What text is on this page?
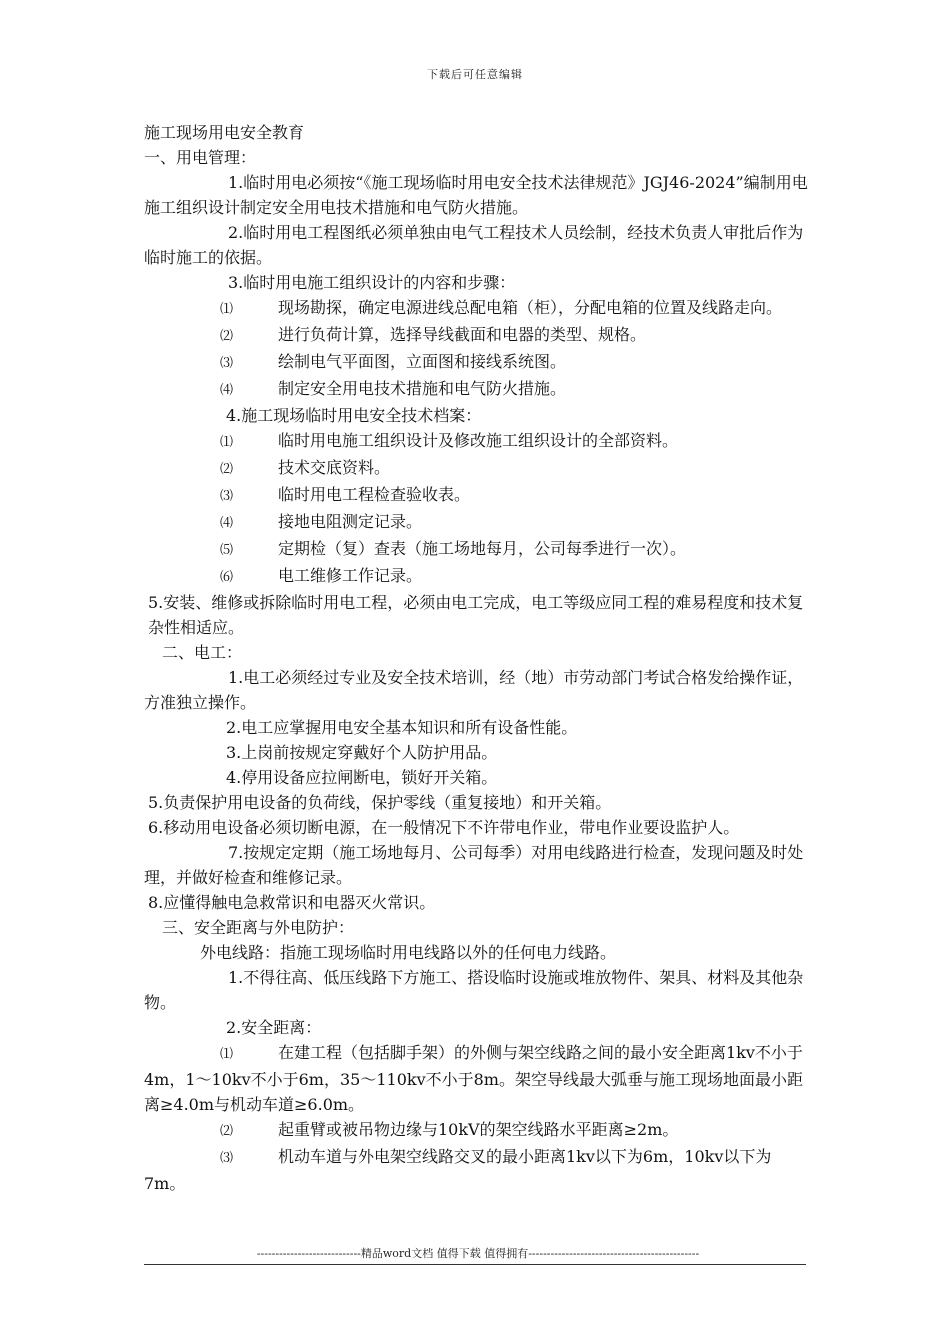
下载后可任意编辑

施工现场用电安全教育

一、用电管理：

1.临时用电必须按“《施工现场临时用电安全技术法律规范》JGJ46-2024”编制用电施工组织设计制定安全用电技术措施和电气防火措施。

2.临时用电工程图纸必须单独由电气工程技术人员绘制，经技术负责人审批后作为临时施工的依据。

3.临时用电施工组织设计的内容和步骤：

⑴	现场勘探，确定电源进线总配电箱（柜），分配电箱的位置及线路走向。

⑵	进行负荷计算，选择导线截面和电器的类型、规格。

⑶	绘制电气平面图，立面图和接线系统图。

⑷	制定安全用电技术措施和电气防火措施。

4.施工现场临时用电安全技术档案：

⑴	临时用电施工组织设计及修改施工组织设计的全部资料。

⑵	技术交底资料。

⑶	临时用电工程检查验收表。

⑷	接地电阻测定记录。

⑸	定期检（复）查表（施工场地每月，公司每季进行一次）。

⑹	电工维修工作记录。

5.安装、维修或拆除临时用电工程，必须由电工完成，电工等级应同工程的难易程度和技术复杂性相适应。

二、电工：

1.电工必须经过专业及安全技术培训，经（地）市劳动部门考试合格发给操作证，方准独立操作。

2.电工应掌握用电安全基本知识和所有设备性能。

3.上岗前按规定穿戴好个人防护用品。

4.停用设备应拉闸断电，锁好开关箱。

5.负责保护用电设备的负荷线，保护零线（重复接地）和开关箱。

6.移动用电设备必须切断电源，在一般情况下不许带电作业，带电作业要设监护人。

7.按规定定期（施工场地每月、公司每季）对用电线路进行检查，发现问题及时处理，并做好检查和维修记录。

8.应懂得触电急救常识和电器灭火常识。

三、安全距离与外电防护：

外电线路：指施工现场临时用电线路以外的任何电力线路。

1.不得往高、低压线路下方施工、搭设临时设施或堆放物件、架具、材料及其他杂物。

2.安全距离：

⑴	在建工程（包括脚手架）的外侧与架空线路之间的最小安全距离1kv不小于4m，1～10kv不小于6m，35～110kv不小于8m。架空导线最大弧垂与施工现场地面最小距离≥4.0m与机动车道≥6.0m。

⑵	起重臂或被吊物边缘与10kV的架空线路水平距离≥2m。

⑶	机动车道与外电架空线路交叉的最小距离1kv以下为6m，10kv以下为7m。

----------------------------精品word文档 值得下载 值得拥有----------------------------------------------
